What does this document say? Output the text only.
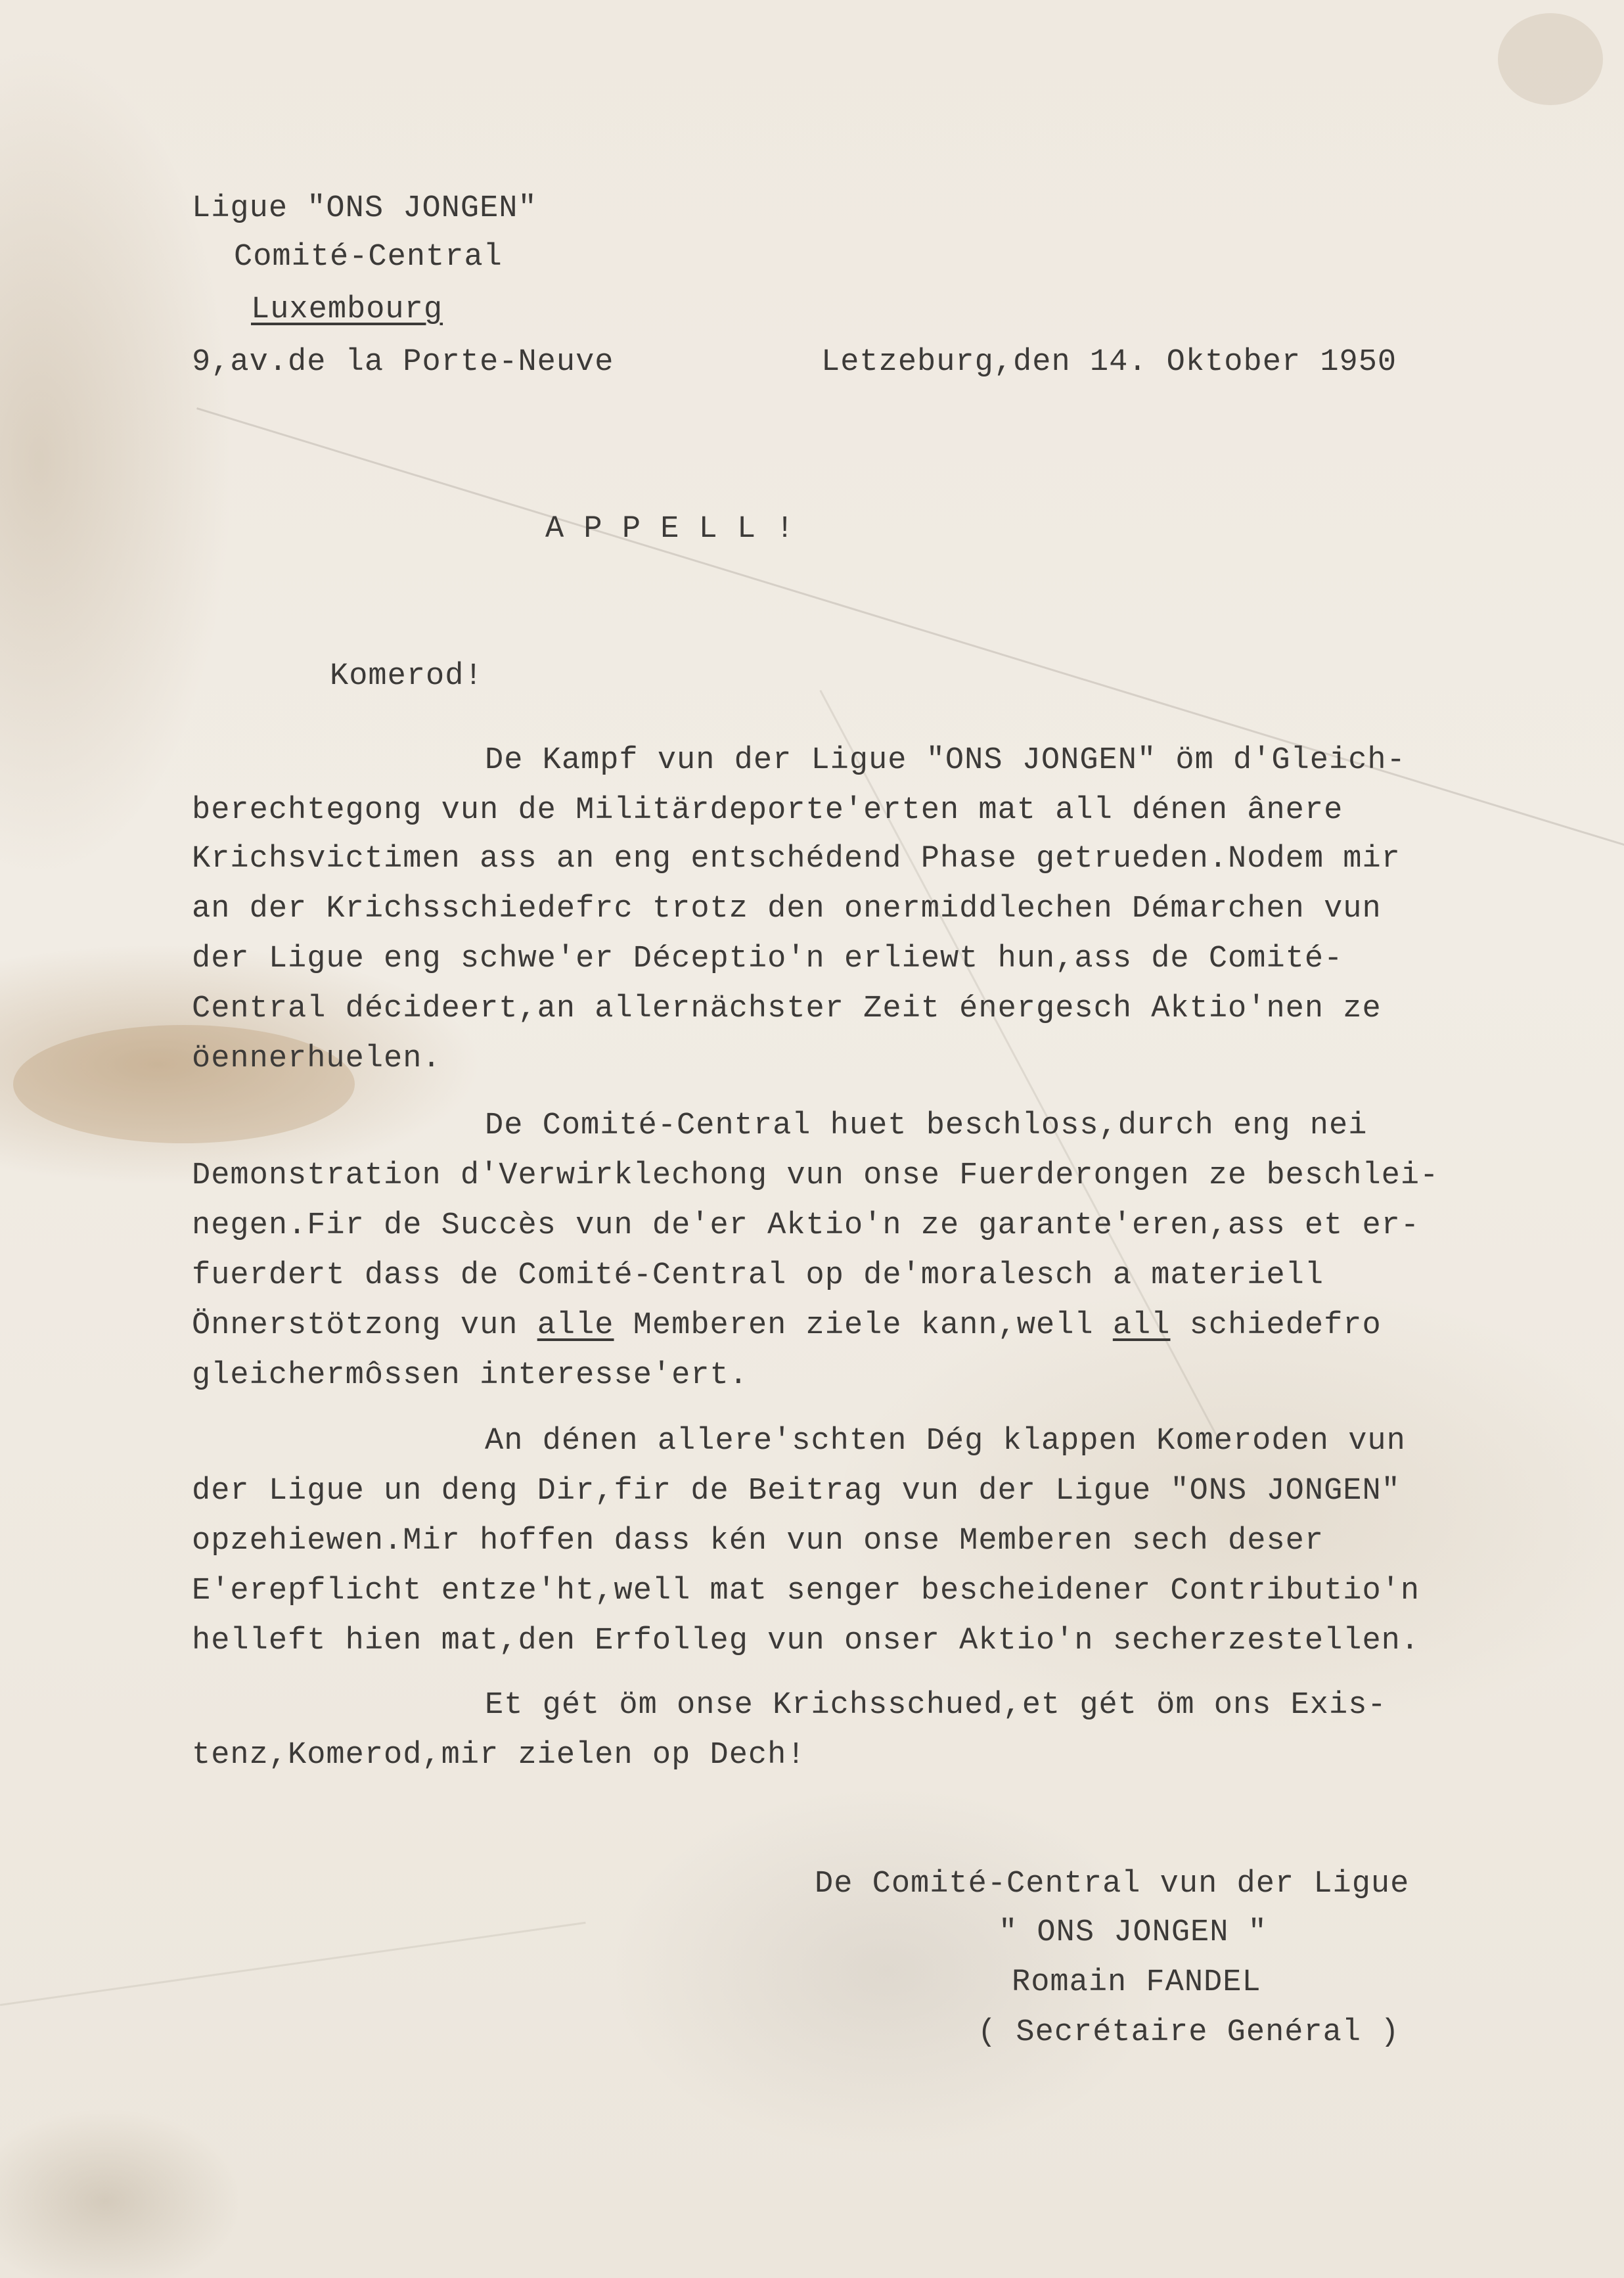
Ligue "ONS JONGEN"
Comité-Central
Luxembourg
9,av.de la Porte-Neuve	Letzeburg,den 14. Oktober 1950
A P P E L L !
Komerod!
De Kampf vun der Ligue "ONS JONGEN" öm d'Gleich-
berechtegong vun de Militärdeporte'erten mat all dénen ânere
Krichsvictimen ass an eng entschédend Phase getrueden.Nodem mir
an der Krichsschiedefrc trotz den onermiddlechen Démarchen vun
der Ligue eng schwe'er Déceptio'n erliewt hun,ass de Comité-
Central décideert,an allernächster Zeit énergesch Aktio'nen ze
öennerhuelen.
De Comité-Central huet beschloss,durch eng nei
Demonstration d'Verwirklechong vun onse Fuerderongen ze beschlei-
negen.Fir de Succès vun de'er Aktio'n ze garante'eren,ass et er-
fuerdert dass de Comité-Central op de'moralesch a materiell
Önnerstötzong vun alle Memberen ziele kann,well all schiedefro
gleichermôssen interesse'ert.
An dénen allere'schten Dég klappen Komeroden vun
der Ligue un deng Dir,fir de Beitrag vun der Ligue "ONS JONGEN"
opzehiewen.Mir hoffen dass kén vun onse Memberen sech deser
E'erepflicht entze'ht,well mat senger bescheidener Contributio'n
helleft hien mat,den Erfolleg vun onser Aktio'n secherzestellen.
Et gét öm onse Krichsschued,et gét öm ons Exis-
tenz,Komerod,mir zielen op Dech!
De Comité-Central vun der Ligue
" ONS JONGEN "
Romain FANDEL
( Secrétaire Genéral )
